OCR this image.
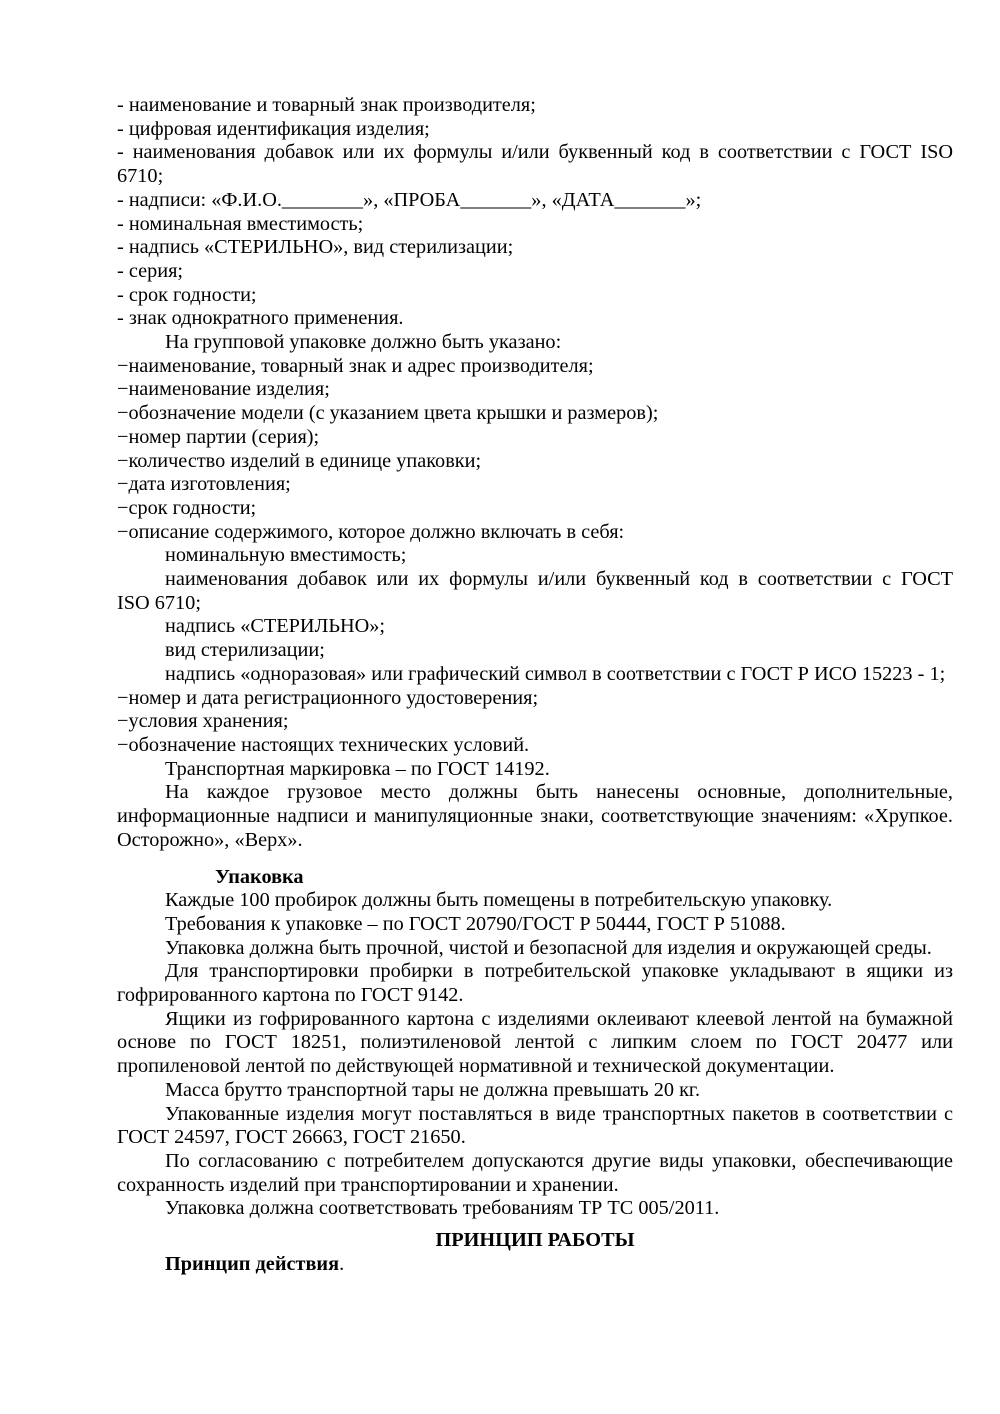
- наименование и товарный знак производителя;
- цифровая идентификация изделия;
- наименования добавок или их формулы и/или буквенный код в соответствии с ГОСТ ISO
6710;
- надписи: «Ф.И.О.________», «ПРОБА_______», «ДАТА_______»;
- номинальная вместимость;
- надпись «СТЕРИЛЬНО», вид стерилизации;
- серия;
- срок годности;
- знак однократного применения.
На групповой упаковке должно быть указано:
−наименование, товарный знак и адрес производителя;
−наименование изделия;
−обозначение модели (с указанием цвета крышки и размеров);
−номер партии (серия);
−количество изделий в единице упаковки;
−дата изготовления;
−срок годности;
−описание содержимого, которое должно включать в себя:
номинальную вместимость;
наименования добавок или их формулы и/или буквенный код в соответствии с ГОСТ
ISO 6710;
надпись «СТЕРИЛЬНО»;
вид стерилизации;
надпись «одноразовая» или графический символ в соответствии с ГОСТ Р ИСО 15223 - 1;
−номер и дата регистрационного удостоверения;
−условия хранения;
−обозначение настоящих технических условий.
Транспортная маркировка – по ГОСТ 14192.
На каждое грузовое место должны быть нанесены основные, дополнительные,
информационные надписи и манипуляционные знаки, соответствующие значениям: «Хрупкое.
Осторожно», «Верх».
Упаковка
Каждые 100 пробирок должны быть помещены в потребительскую упаковку.
Требования к упаковке – по ГОСТ 20790/ГОСТ Р 50444, ГОСТ Р 51088.
Упаковка должна быть прочной, чистой и безопасной для изделия и окружающей среды.
Для транспортировки пробирки в потребительской упаковке укладывают в ящики из
гофрированного картона по ГОСТ 9142.
Ящики из гофрированного картона с изделиями оклеивают клеевой лентой на бумажной
основе по ГОСТ 18251, полиэтиленовой лентой с липким слоем по ГОСТ 20477 или
пропиленовой лентой по действующей нормативной и технической документации.
Масса брутто транспортной тары не должна превышать 20 кг.
Упакованные изделия могут поставляться в виде транспортных пакетов в соответствии с
ГОСТ 24597, ГОСТ 26663, ГОСТ 21650.
По согласованию с потребителем допускаются другие виды упаковки, обеспечивающие
сохранность изделий при транспортировании и хранении.
Упаковка должна соответствовать требованиям ТР ТС 005/2011.
ПРИНЦИП РАБОТЫ
Принцип действия.
